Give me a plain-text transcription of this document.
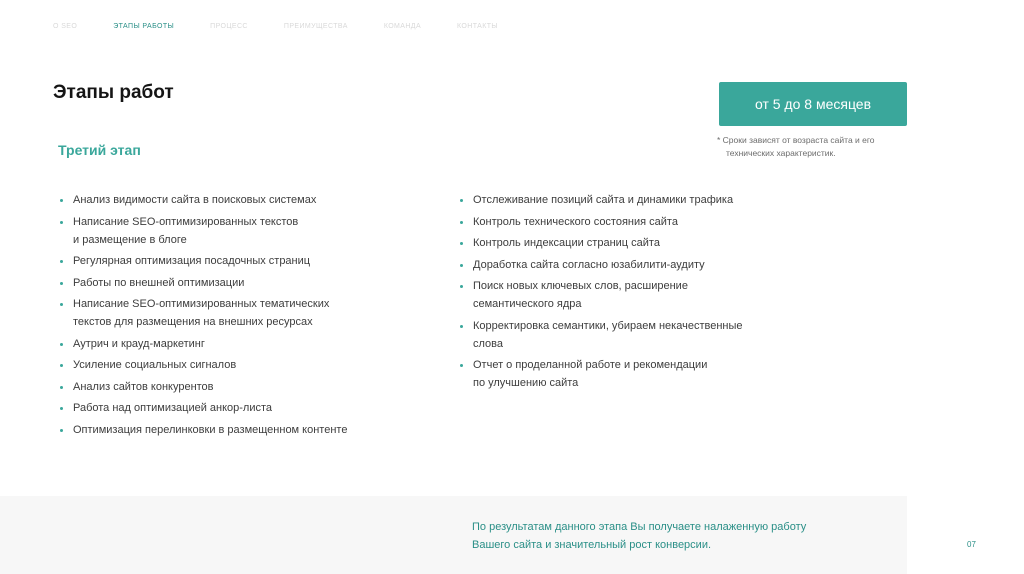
О SEO	ЭТАПЫ РАБОТЫ	ПРОЦЕСС	ПРЕИМУЩЕСТВА	КОМАНДА	КОНТАКТЫ
Этапы работ
Третий этап
от 5 до 8 месяцев
* Сроки зависят от возраста сайта и его
технических характеристик.
Анализ видимости сайта в поисковых системах
Написание SEO-оптимизированных текстов
и размещение в блоге
Регулярная оптимизация посадочных страниц
Работы по внешней оптимизации
Написание SEO-оптимизированных тематических
текстов для размещения на внешних ресурсах
Аутрич и крауд-маркетинг
Усиление социальных сигналов
Анализ сайтов конкурентов
Работа над оптимизацией анкор-листа
Оптимизация перелинковки в размещенном контенте
Отслеживание позиций сайта и динамики трафика
Контроль технического состояния сайта
Контроль индексации страниц сайта
Доработка сайта согласно юзабилити-аудиту
Поиск новых ключевых слов, расширение
семантического ядра
Корректировка семантики, убираем некачественные
слова
Отчет о проделанной работе и рекомендации
по улучшению сайта
По результатам данного этапа Вы получаете налаженную работу
Вашего сайта и значительный рост конверсии.	07
